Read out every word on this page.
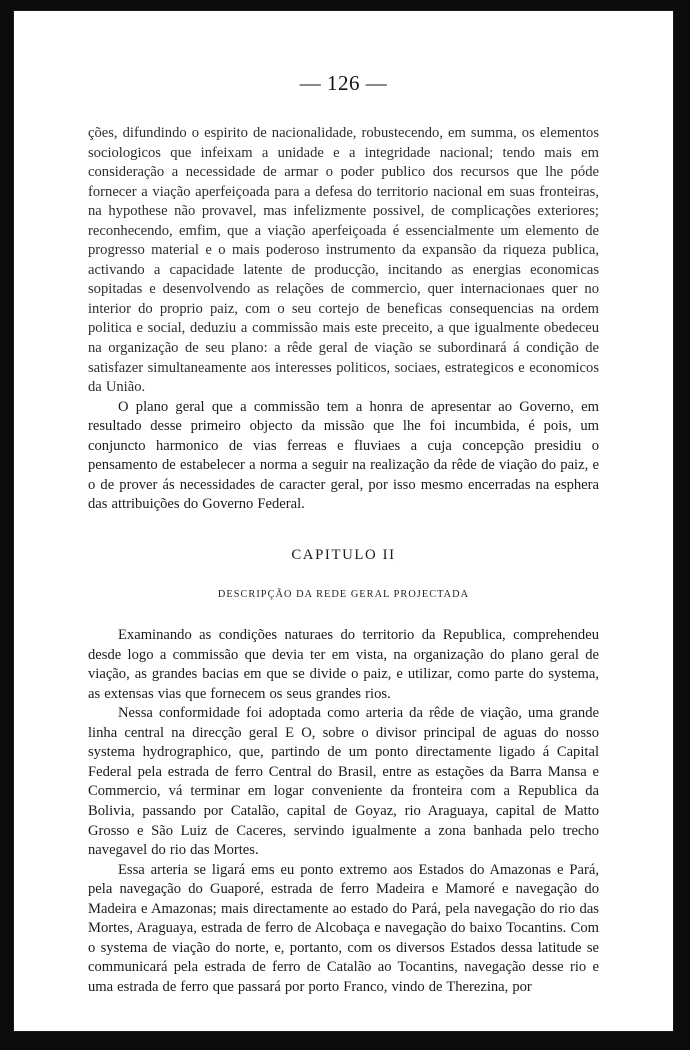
— 126 —

ções, difundindo o espirito de nacionalidade, robustecendo, em summa, os elementos sociologicos que infeixam a unidade e a integridade nacional; tendo mais em consideração a necessidade de armar o poder publico dos recursos que lhe póde fornecer a viação aperfeiçoada para a defesa do territorio nacional em suas fronteiras, na hypothese não provavel, mas infelizmente possivel, de complicações exteriores; reconhecendo, emfim, que a viação aperfeiçoada é essencialmente um elemento de progresso material e o mais poderoso instrumento da expansão da riqueza publica, activando a capacidade latente de producção, incitando as energias economicas sopitadas e desenvolvendo as relações de commercio, quer internacionaes quer no interior do proprio paiz, com o seu cortejo de beneficas consequencias na ordem politica e social, deduziu a commissão mais este preceito, a que igualmente obedeceu na organização de seu plano: a rêde geral de viação se subordinará á condição de satisfazer simultaneamente aos interesses politicos, sociaes, estrategicos e economicos da União.

O plano geral que a commissão tem a honra de apresentar ao Governo, em resultado desse primeiro objecto da missão que lhe foi incumbida, é pois, um conjuncto harmonico de vias ferreas e fluviaes a cuja concepção presidiu o pensamento de estabelecer a norma a seguir na realização da rêde de viação do paiz, e o de prover ás necessidades de caracter geral, por isso mesmo encerradas na esphera das attribuições do Governo Federal.

CAPITULO II
DESCRIPÇÃO DA REDE GERAL PROJECTADA

Examinando as condições naturaes do territorio da Republica, comprehendeu desde logo a commissão que devia ter em vista, na organização do plano geral de viação, as grandes bacias em que se divide o paiz, e utilizar, como parte do systema, as extensas vias que fornecem os seus grandes rios.

Nessa conformidade foi adoptada como arteria da rêde de viação, uma grande linha central na direcção geral E O, sobre o divisor principal de aguas do nosso systema hydrographico, que, partindo de um ponto directamente ligado á Capital Federal pela estrada de ferro Central do Brasil, entre as estações da Barra Mansa e Commercio, vá terminar em logar conveniente da fronteira com a Republica da Bolivia, passando por Catalão, capital de Goyaz, rio Araguaya, capital de Matto Grosso e São Luiz de Caceres, servindo igualmente a zona banhada pelo trecho navegavel do rio das Mortes.

Essa arteria se ligará ems eu ponto extremo aos Estados do Amazonas e Pará, pela navegação do Guaporé, estrada de ferro Madeira e Mamoré e navegação do Madeira e Amazonas; mais directamente ao estado do Pará, pela navegação do rio das Mortes, Araguaya, estrada de ferro de Alcobaça e navegação do baixo Tocantins. Com o systema de viação do norte, e, portanto, com os diversos Estados dessa latitude se communicará pela estrada de ferro de Catalão ao Tocantins, navegação desse rio e uma estrada de ferro que passará por porto Franco, vindo de Therezina, por
